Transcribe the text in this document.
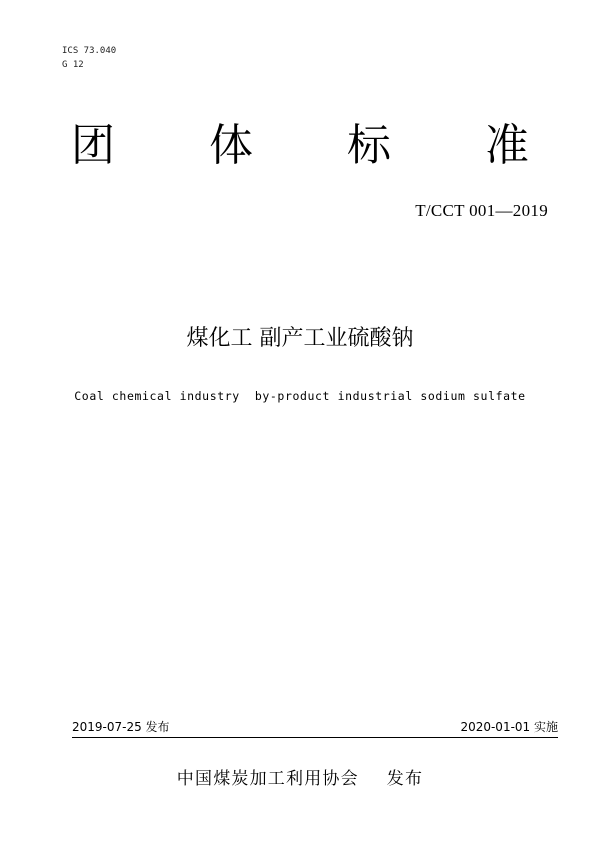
ICS 73.040
G 12
团 体 标 准
T/CCT 001—2019
煤化工 副产工业硫酸钠
Coal chemical industry  by-product industrial sodium sulfate
2019-07-25 发布	2020-01-01 实施
中国煤炭加工利用协会 发布
